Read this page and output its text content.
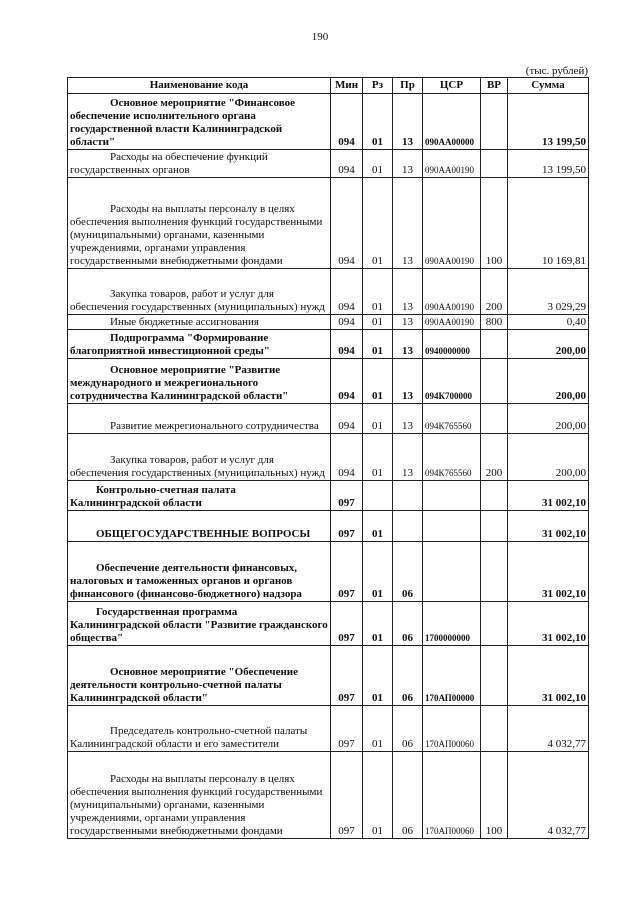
190
(тыс. рублей)
Наименование кода	Мин	Рз	Пр	ЦСР	ВР	Сумма
Основное мероприятие "Финансовое обеспечение исполнительного органа государственной власти Калининградской области"	094	01	13	090АА00000		13 199,50
Расходы на обеспечение функций государственных органов	094	01	13	090АА00190		13 199,50
Расходы на выплаты персоналу в целях обеспечения выполнения функций государственными (муниципальными) органами, казенными учреждениями, органами управления государственными внебюджетными фондами	094	01	13	090АА00190	100	10 169,81
Закупка товаров, работ и услуг для обеспечения государственных (муниципальных) нужд	094	01	13	090АА00190	200	3 029,29
Иные бюджетные ассигнования	094	01	13	090АА00190	800	0,40
Подпрограмма "Формирование благоприятной инвестиционной среды"	094	01	13	0940000000		200,00
Основное мероприятие "Развитие международного и межрегионального сотрудничества Калининградской области"	094	01	13	094К700000		200,00
Развитие межрегионального сотрудничества	094	01	13	094К765560		200,00
Закупка товаров, работ и услуг для обеспечения государственных (муниципальных) нужд	094	01	13	094К765560	200	200,00
Контрольно-счетная палата Калининградской области	097					31 002,10
ОБЩЕГОСУДАРСТВЕННЫЕ ВОПРОСЫ	097	01				31 002,10
Обеспечение деятельности финансовых, налоговых и таможенных органов и органов финансового (финансово-бюджетного) надзора	097	01	06			31 002,10
Государственная программа Калининградской области "Развитие гражданского общества"	097	01	06	1700000000		31 002,10
Основное мероприятие "Обеспечение деятельности контрольно-счетной палаты Калининградской области"	097	01	06	170АП00000		31 002,10
Председатель контрольно-счетной палаты Калининградской области и его заместители	097	01	06	170АП00060		4 032,77
Расходы на выплаты персоналу в целях обеспечения выполнения функций государственными (муниципальными) органами, казенными учреждениями, органами управления государственными внебюджетными фондами	097	01	06	170АП00060	100	4 032,77
